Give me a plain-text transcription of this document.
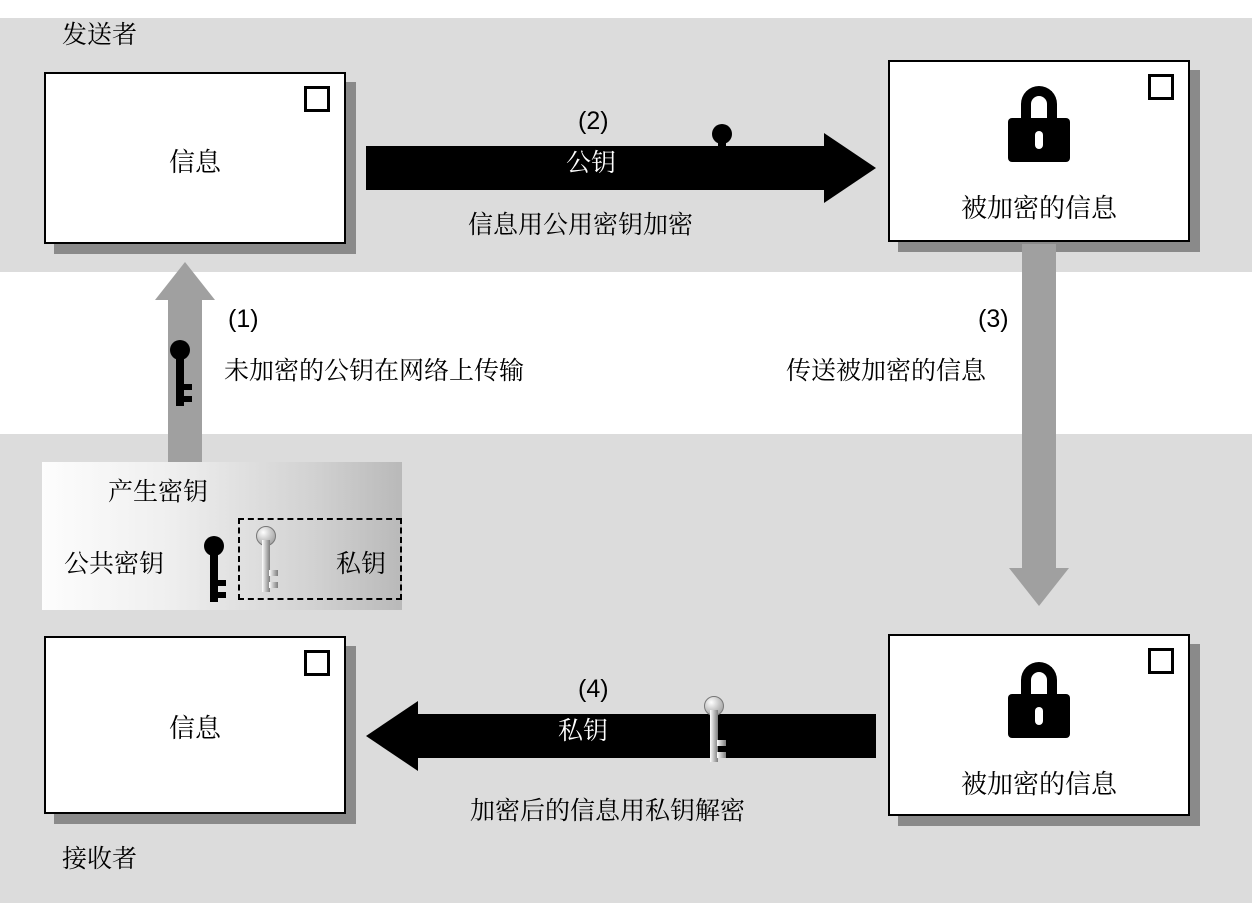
发送者
接收者
信息
被加密的信息
(2)
公钥
信息用公用密钥加密
(1)
未加密的公钥在网络上传输
(3)
传送被加密的信息
产生密钥
公共密钥	私钥
信息
被加密的信息
(4)
私钥
加密后的信息用私钥解密
